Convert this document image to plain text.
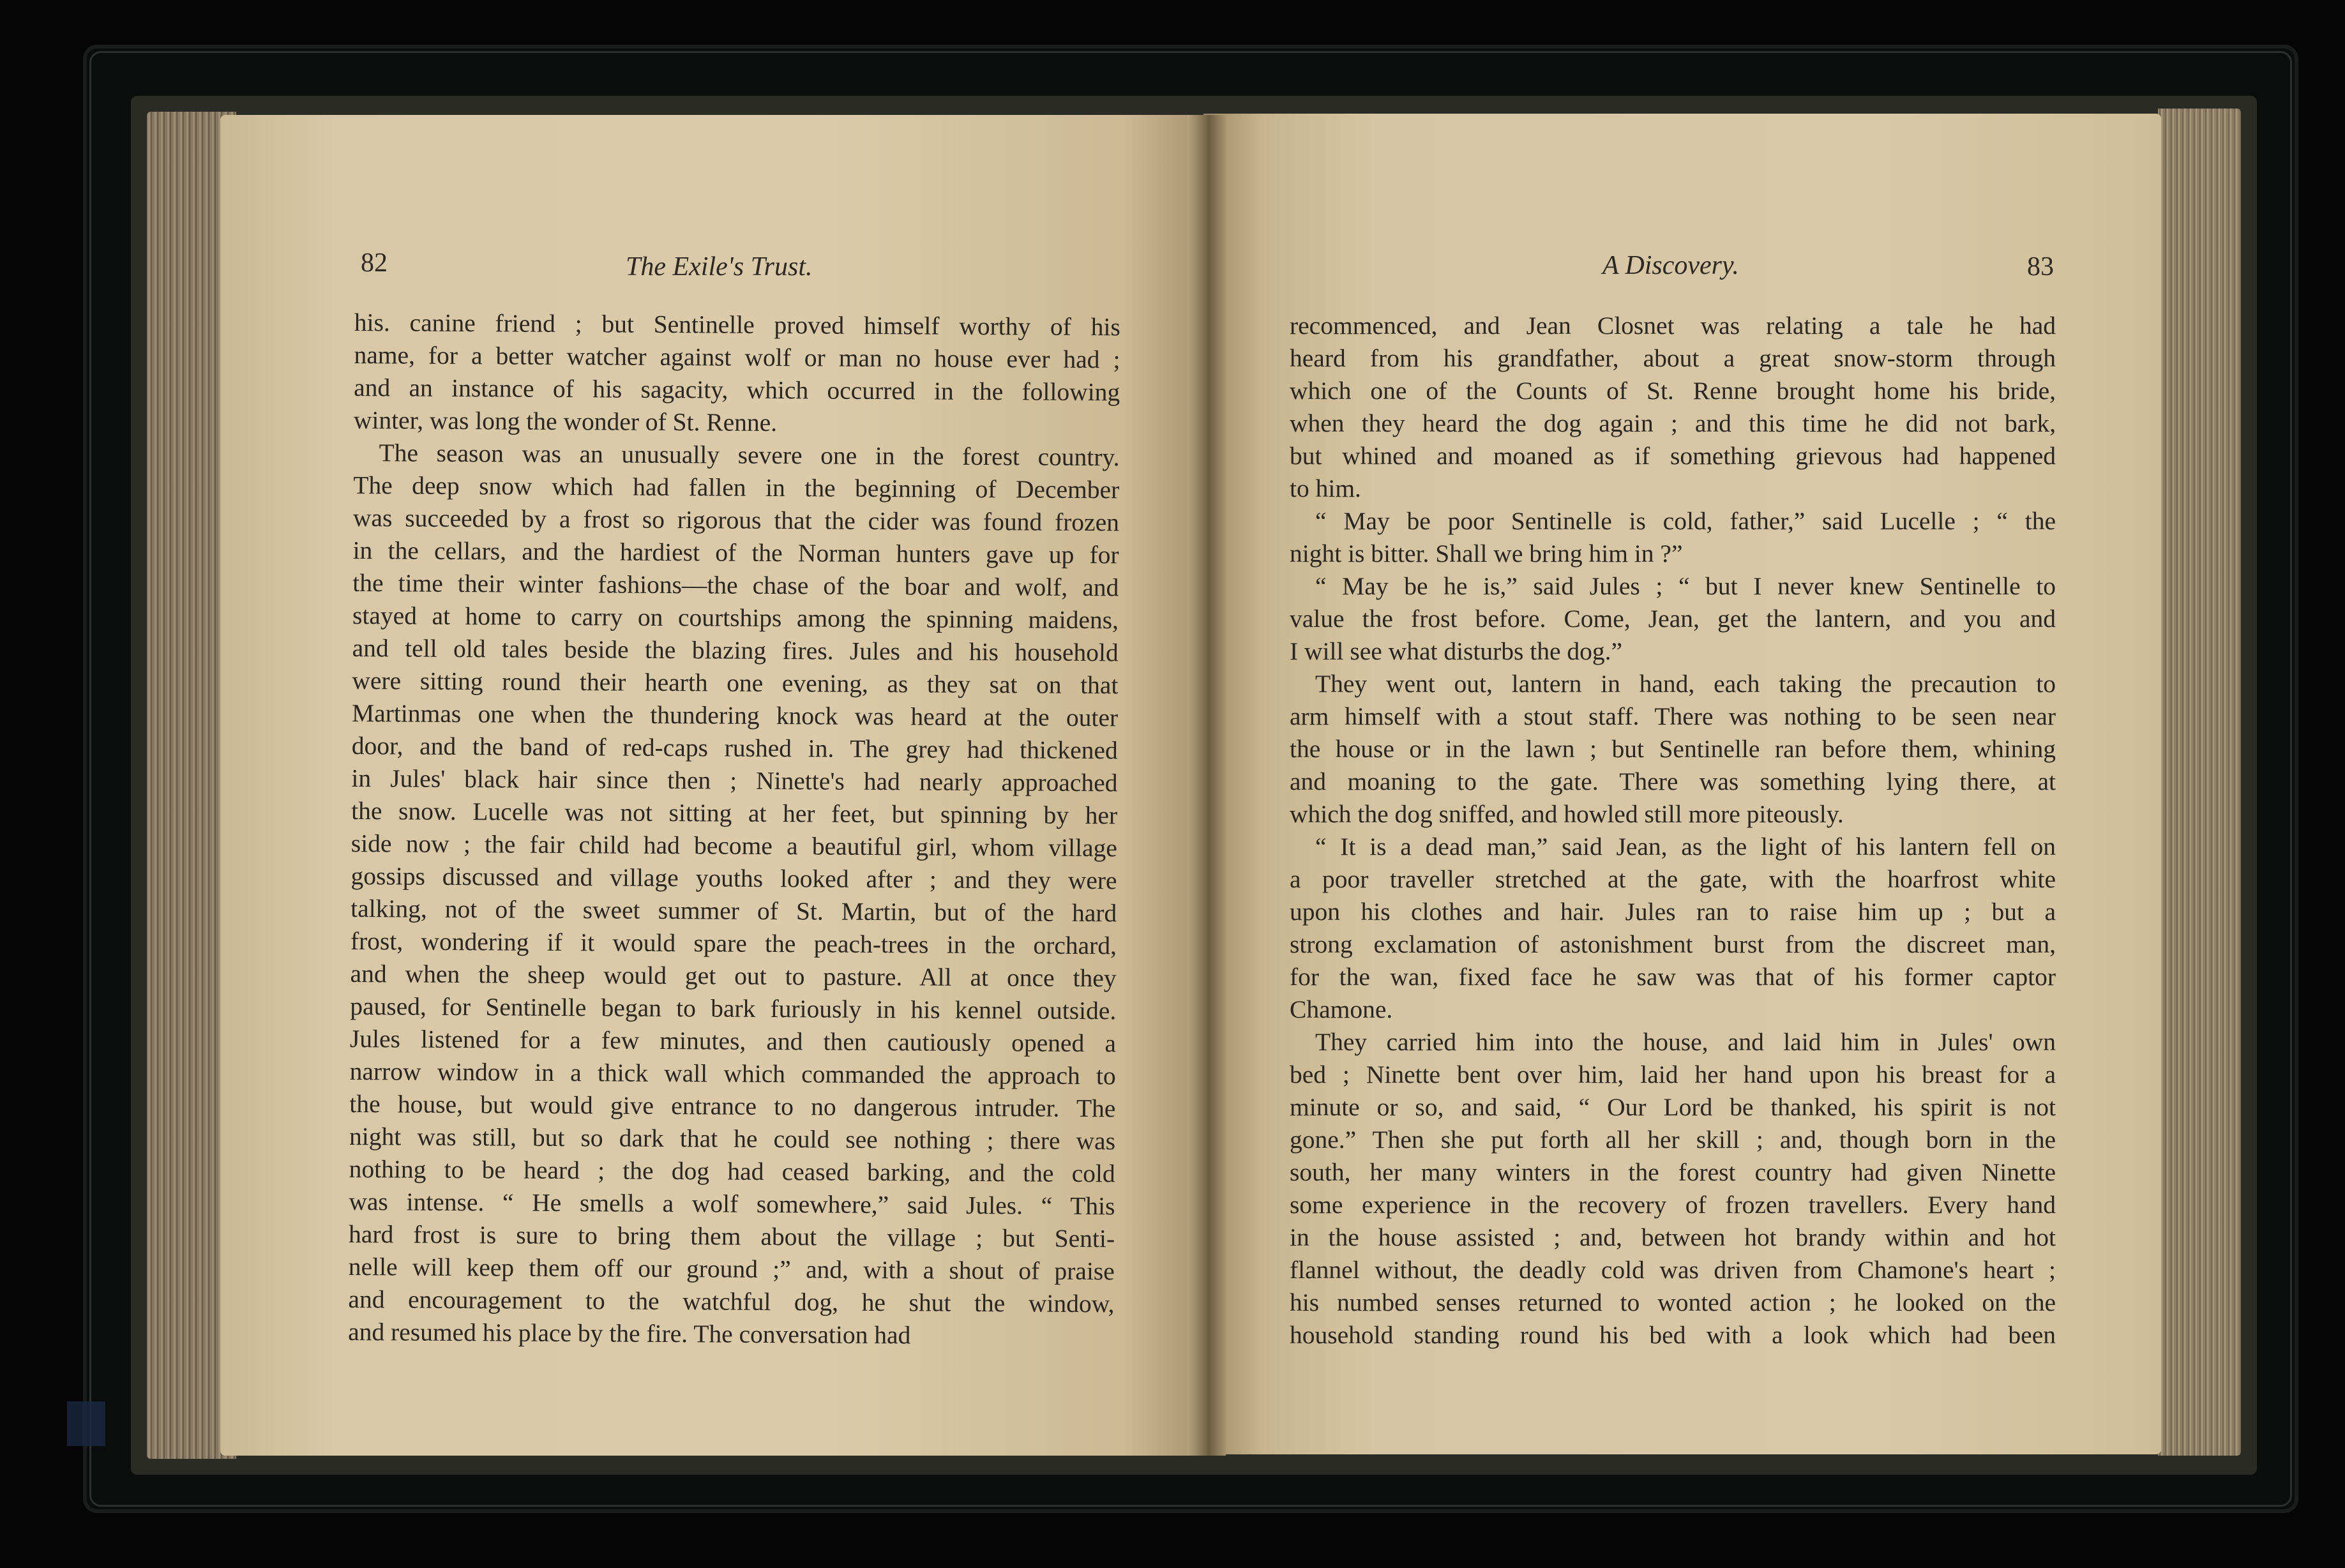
82	The Exile's Trust.	A Discovery.	83
his. canine friend ; but Sentinelle proved himself worthy of his
name, for a better watcher against wolf or man no house ever had ;
and an instance of his sagacity, which occurred in the following
winter, was long the wonder of St. Renne.
The season was an unusually severe one in the forest country.
The deep snow which had fallen in the beginning of December
was succeeded by a frost so rigorous that the cider was found frozen
in the cellars, and the hardiest of the Norman hunters gave up for
the time their winter fashions—the chase of the boar and wolf, and
stayed at home to carry on courtships among the spinning maidens,
and tell old tales beside the blazing fires. Jules and his household
were sitting round their hearth one evening, as they sat on that
Martinmas one when the thundering knock was heard at the outer
door, and the band of red-caps rushed in. The grey had thickened
in Jules' black hair since then ; Ninette's had nearly approached
the snow. Lucelle was not sitting at her feet, but spinning by her
side now ; the fair child had become a beautiful girl, whom village
gossips discussed and village youths looked after ; and they were
talking, not of the sweet summer of St. Martin, but of the hard
frost, wondering if it would spare the peach-trees in the orchard,
and when the sheep would get out to pasture. All at once they
paused, for Sentinelle began to bark furiously in his kennel outside.
Jules listened for a few minutes, and then cautiously opened a
narrow window in a thick wall which commanded the approach to
the house, but would give entrance to no dangerous intruder. The
night was still, but so dark that he could see nothing ; there was
nothing to be heard ; the dog had ceased barking, and the cold
was intense. “ He smells a wolf somewhere,” said Jules. “ This
hard frost is sure to bring them about the village ; but Senti-
nelle will keep them off our ground ;” and, with a shout of praise
and encouragement to the watchful dog, he shut the window,
and resumed his place by the fire. The conversation had
recommenced, and Jean Closnet was relating a tale he had
heard from his grandfather, about a great snow-storm through
which one of the Counts of St. Renne brought home his bride,
when they heard the dog again ; and this time he did not bark,
but whined and moaned as if something grievous had happened
to him.
“ May be poor Sentinelle is cold, father,” said Lucelle ; “ the
night is bitter. Shall we bring him in ?”
“ May be he is,” said Jules ; “ but I never knew Sentinelle to
value the frost before. Come, Jean, get the lantern, and you and
I will see what disturbs the dog.”
They went out, lantern in hand, each taking the precaution to
arm himself with a stout staff. There was nothing to be seen near
the house or in the lawn ; but Sentinelle ran before them, whining
and moaning to the gate. There was something lying there, at
which the dog sniffed, and howled still more piteously.
“ It is a dead man,” said Jean, as the light of his lantern fell on
a poor traveller stretched at the gate, with the hoarfrost white
upon his clothes and hair. Jules ran to raise him up ; but a
strong exclamation of astonishment burst from the discreet man,
for the wan, fixed face he saw was that of his former captor
Chamone.
They carried him into the house, and laid him in Jules' own
bed ; Ninette bent over him, laid her hand upon his breast for a
minute or so, and said, “ Our Lord be thanked, his spirit is not
gone.” Then she put forth all her skill ; and, though born in the
south, her many winters in the forest country had given Ninette
some experience in the recovery of frozen travellers. Every hand
in the house assisted ; and, between hot brandy within and hot
flannel without, the deadly cold was driven from Chamone's heart ;
his numbed senses returned to wonted action ; he looked on the
household standing round his bed with a look which had been
